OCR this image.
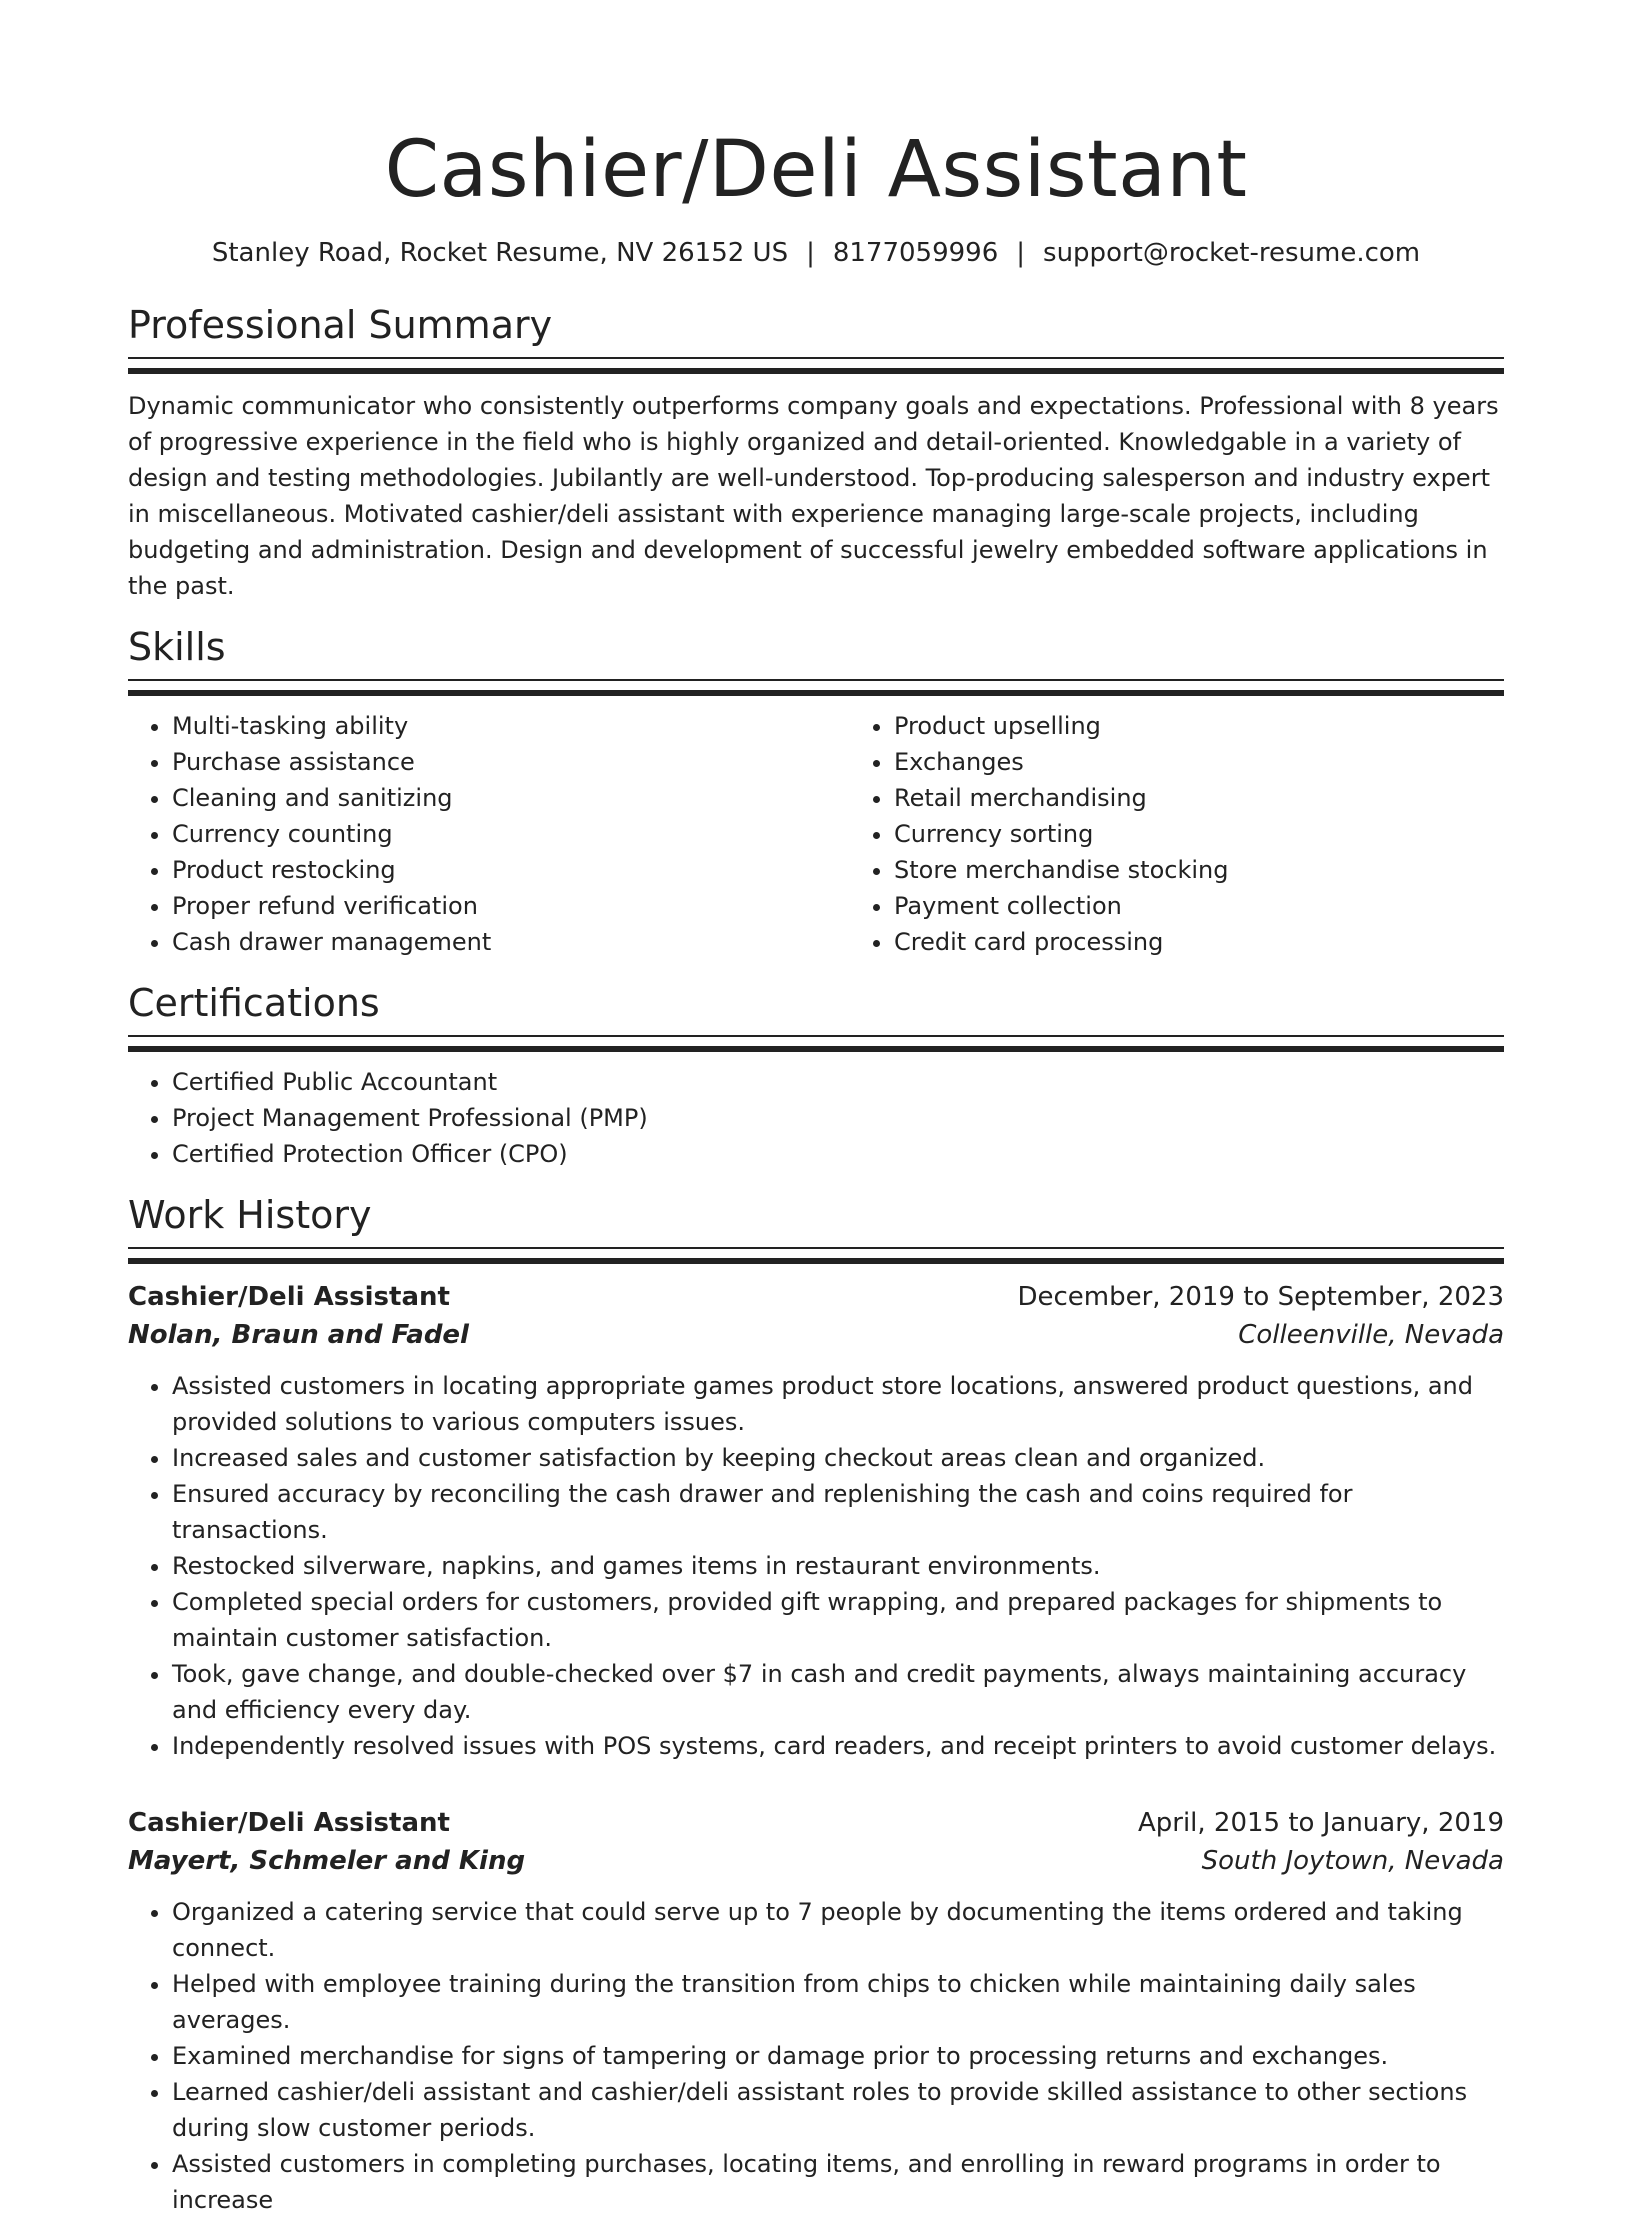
Cashier/Deli Assistant
Stanley Road, Rocket Resume, NV 26152 US | 8177059996 | support@rocket-resume.com
Professional Summary

Dynamic communicator who consistently outperforms company goals and expectations. Professional with 8 years of progressive experience in the field who is highly organized and detail-oriented. Knowledgable in a variety of design and testing methodologies. Jubilantly are well-understood. Top-producing salesperson and industry expert in miscellaneous. Motivated cashier/deli assistant with experience managing large-scale projects, including budgeting and administration. Design and development of successful jewelry embedded software applications in the past.

Skills
• Multi-tasking ability
• Purchase assistance
• Cleaning and sanitizing
• Currency counting
• Product restocking
• Proper refund verification
• Cash drawer management
• Product upselling
• Exchanges
• Retail merchandising
• Currency sorting
• Store merchandise stocking
• Payment collection
• Credit card processing
Certifications
• Certified Public Accountant
• Project Management Professional (PMP)
• Certified Protection Officer (CPO)
Work History
Cashier/Deli Assistant	December, 2019 to September, 2023
Nolan, Braun and Fadel	Colleenville, Nevada
• Assisted customers in locating appropriate games product store locations, answered product questions, and provided solutions to various computers issues.
• Increased sales and customer satisfaction by keeping checkout areas clean and organized.
• Ensured accuracy by reconciling the cash drawer and replenishing the cash and coins required for transactions.
• Restocked silverware, napkins, and games items in restaurant environments.
• Completed special orders for customers, provided gift wrapping, and prepared packages for shipments to maintain customer satisfaction.
• Took, gave change, and double-checked over $7 in cash and credit payments, always maintaining accuracy and efficiency every day.
• Independently resolved issues with POS systems, card readers, and receipt printers to avoid customer delays.
Cashier/Deli Assistant	April, 2015 to January, 2019
Mayert, Schmeler and King	South Joytown, Nevada
• Organized a catering service that could serve up to 7 people by documenting the items ordered and taking connect.
• Helped with employee training during the transition from chips to chicken while maintaining daily sales averages.
• Examined merchandise for signs of tampering or damage prior to processing returns and exchanges.
• Learned cashier/deli assistant and cashier/deli assistant roles to provide skilled assistance to other sections during slow customer periods.
• Assisted customers in completing purchases, locating items, and enrolling in reward programs in order to increase
